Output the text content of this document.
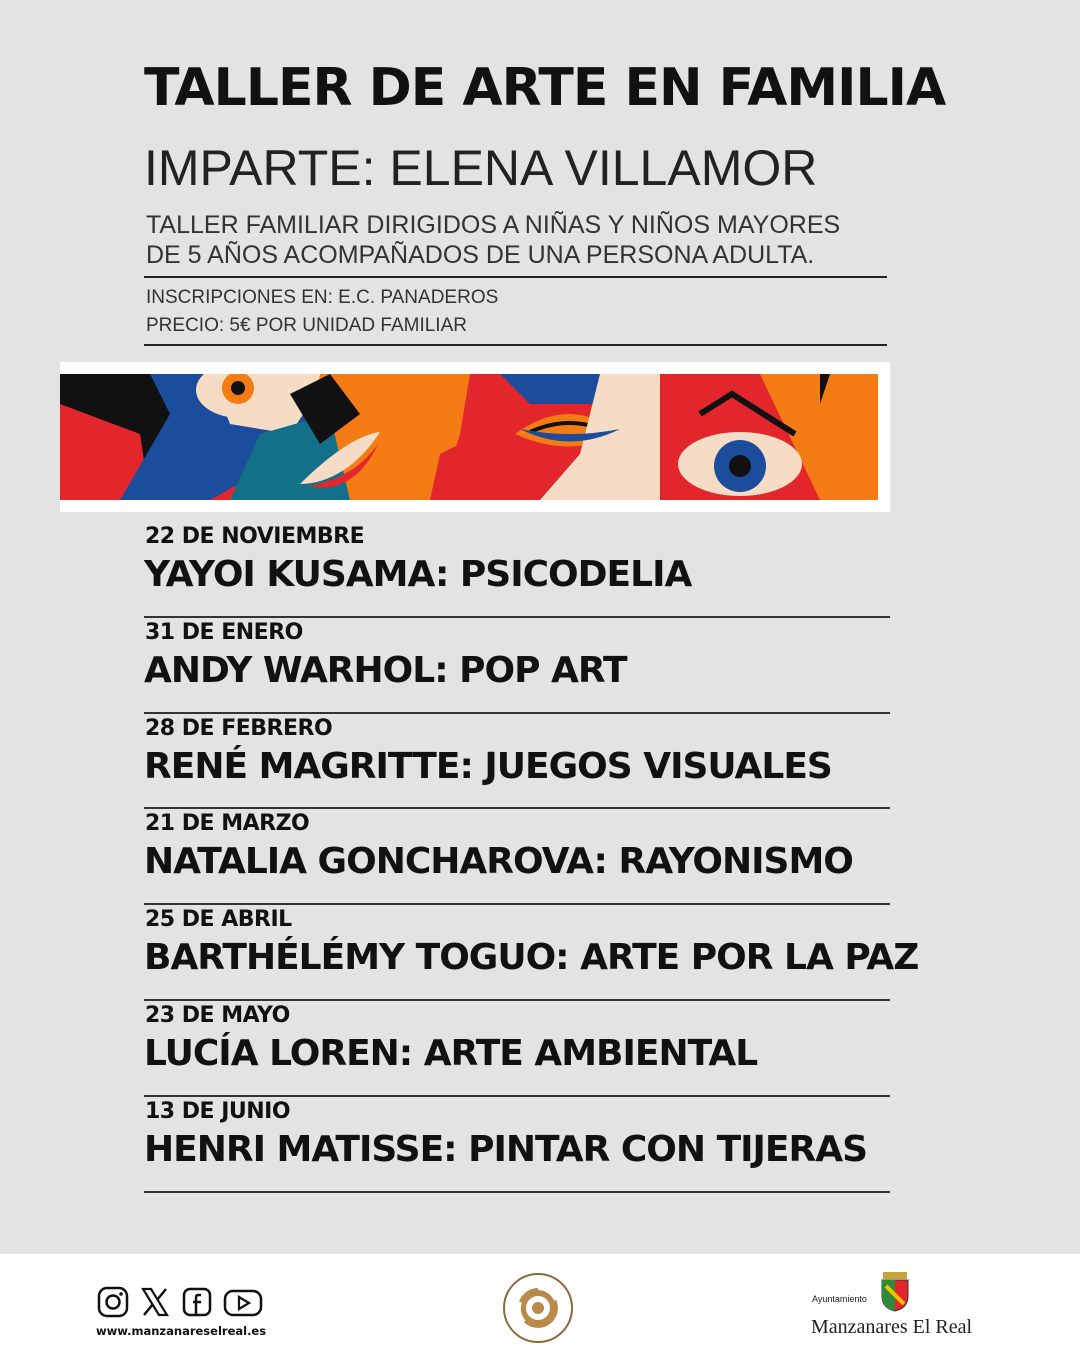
TALLER DE ARTE EN FAMILIA
IMPARTE: ELENA VILLAMOR
TALLER FAMILIAR DIRIGIDOS A NIÑAS Y NIÑOS MAYORES
DE 5 AÑOS ACOMPAÑADOS DE UNA PERSONA ADULTA.
INSCRIPCIONES EN: E.C. PANADEROS
PRECIO: 5€ POR UNIDAD FAMILIAR
22 DE NOVIEMBRE
YAYOI KUSAMA: PSICODELIA
31 DE ENERO
ANDY WARHOL: POP ART
28 DE FEBRERO
RENÉ MAGRITTE: JUEGOS VISUALES
21 DE MARZO
NATALIA GONCHAROVA: RAYONISMO
25 DE ABRIL
BARTHÉLÉMY TOGUO: ARTE POR LA PAZ
23 DE MAYO
LUCÍA LOREN: ARTE AMBIENTAL
13 DE JUNIO
HENRI MATISSE: PINTAR CON TIJERAS
www.manzanareselreal.es
Ayuntamiento
Manzanares El Real
